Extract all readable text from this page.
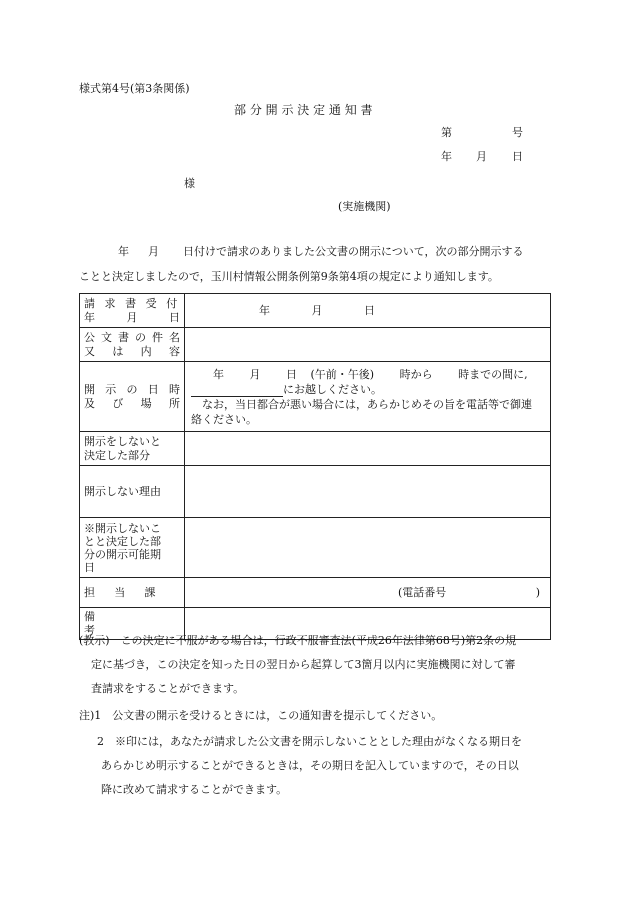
様式第4号(第3条関係)
部 分 開 示 決 定 通 知 書
第	号
年 月 日
様
(実施機関)
年 月 日付けで請求のありました公文書の開示について，次の部分開示する
ことと決定しましたので，玉川村情報公開条例第9条第4項の規定により通知します。
請求書受付
年　月　日	年 月 日

公文書の件名
又は内容	

開示の日時
及び場所	年 月 日 (午前・午後) 時から 時までの間に,
にお越しください。
なお，当日都合が悪い場合には，あらかじめその旨を電話等で御連
絡ください。

開示をしないと
決定した部分	

開示しない理由	

※開示しないこ
とと決定した部
分の開示可能期
日	

担当課	(電話番号 )

備考	

(教示)　この決定に不服がある場合は，行政不服審査法(平成26年法律第68号)第2条の規
定に基づき，この決定を知った日の翌日から起算して3箇月以内に実施機関に対して審
査請求をすることができます。
注)1　公文書の開示を受けるときには，この通知書を提示してください。
2　※印には，あなたが請求した公文書を開示しないこととした理由がなくなる期日を
あらかじめ明示することができるときは，その期日を記入していますので，その日以
降に改めて請求することができます。
